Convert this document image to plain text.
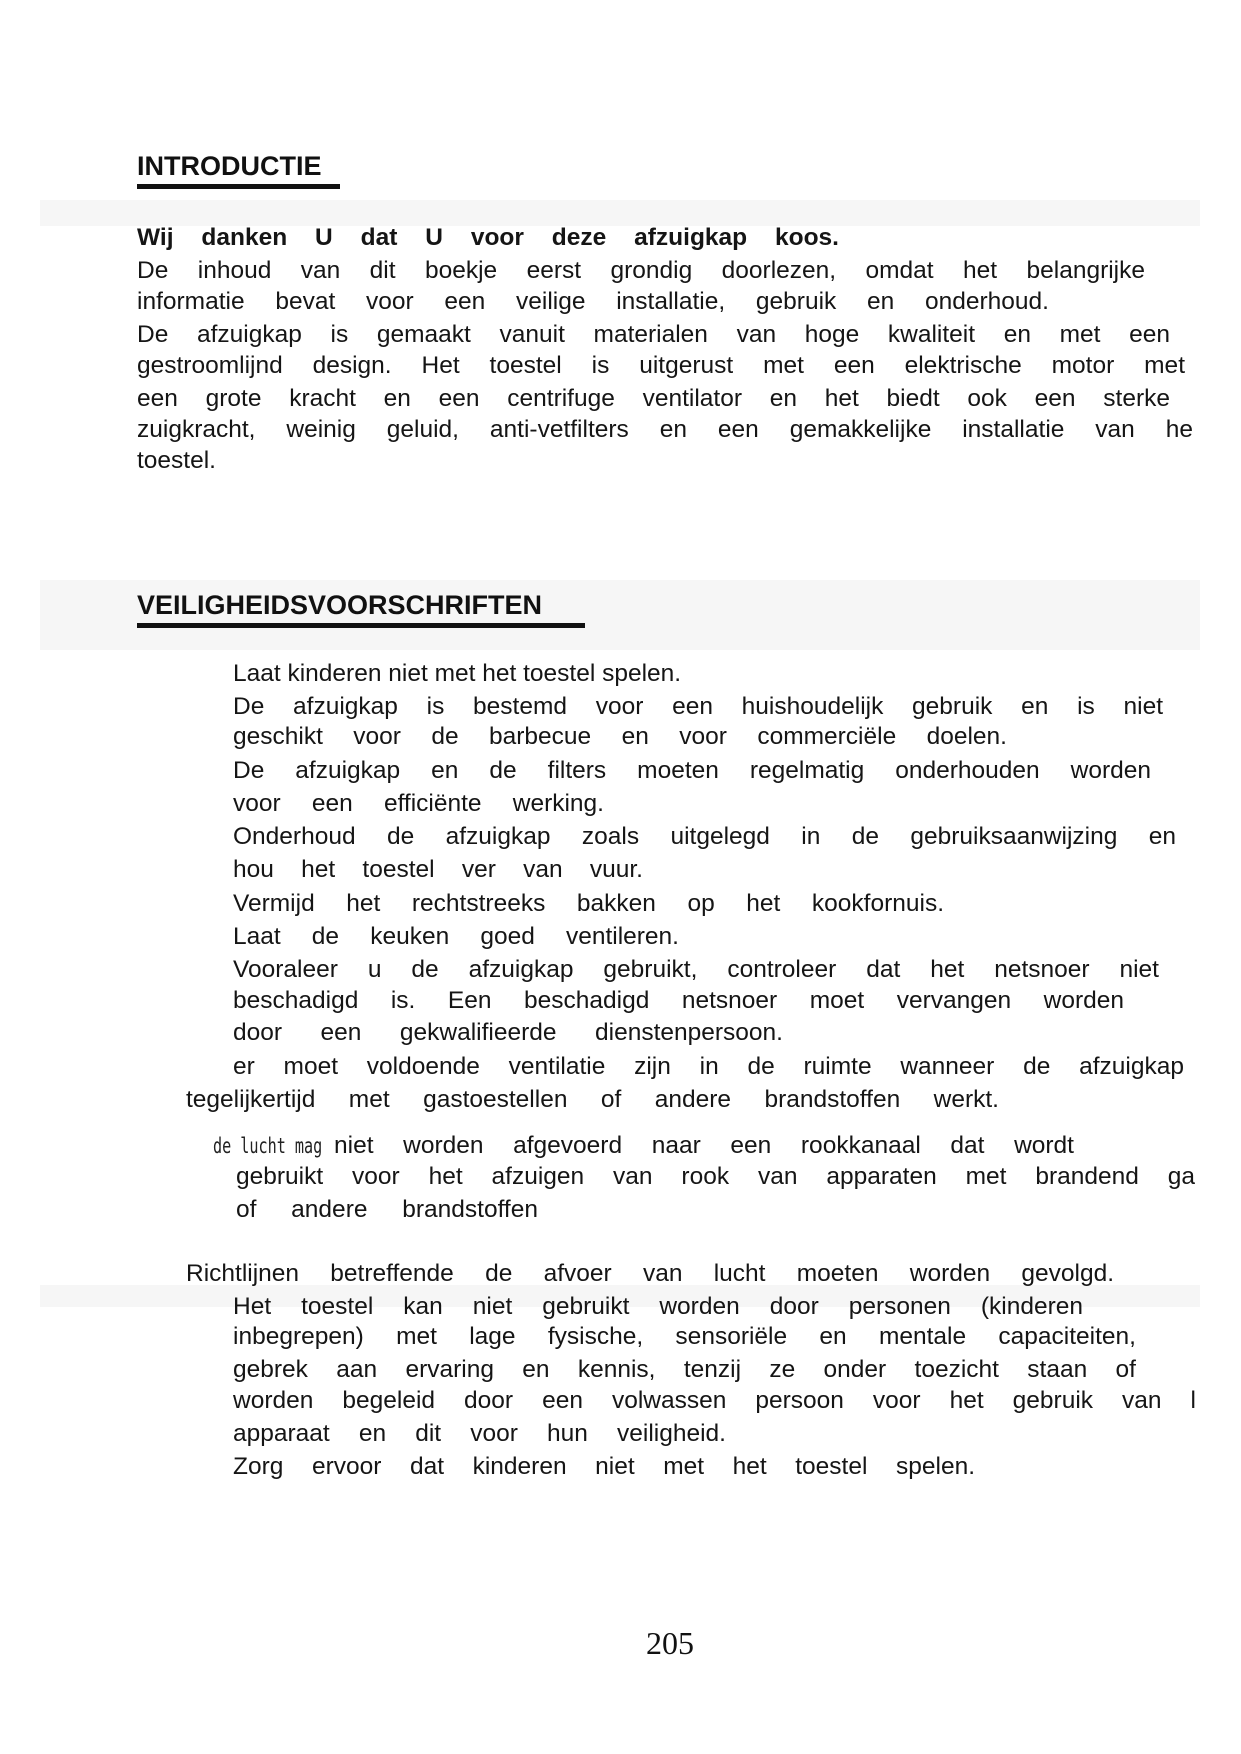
INTRODUCTIE

Wij danken U dat U voor deze afzuigkap koos.

De inhoud van dit boekje eerst grondig doorlezen, omdat het belangrijke

informatie bevat voor een veilige installatie, gebruik en onderhoud.

De afzuigkap is gemaakt vanuit materialen van hoge kwaliteit en met een

gestroomlijnd design. Het toestel is uitgerust met een elektrische motor met

een grote kracht en een centrifuge ventilator en het biedt ook een sterke

zuigkracht, weinig geluid, anti-vetfilters en een gemakkelijke installatie van he

toestel.

VEILIGHEIDSVOORSCHRIFTEN

Laat kinderen niet met het toestel spelen.

De afzuigkap is bestemd voor een huishoudelijk gebruik en is niet

geschikt voor de barbecue en voor commerciële doelen.

De afzuigkap en de filters moeten regelmatig onderhouden worden

voor een efficiënte werking.

Onderhoud de afzuigkap zoals uitgelegd in de gebruiksaanwijzing en

hou het toestel ver van vuur.

Vermijd het rechtstreeks bakken op het kookfornuis.

Laat de keuken goed ventileren.

Vooraleer u de afzuigkap gebruikt, controleer dat het netsnoer niet

beschadigd is. Een beschadigd netsnoer moet vervangen worden

door een gekwalifieerde dienstenpersoon.

er moet voldoende ventilatie zijn in de ruimte wanneer de afzuigkap

tegelijkertijd met gastoestellen of andere brandstoffen werkt.

de lucht mag niet worden afgevoerd naar een rookkanaal dat wordt

gebruikt voor het afzuigen van rook van apparaten met brandend ga

of andere brandstoffen

Richtlijnen betreffende de afvoer van lucht moeten worden gevolgd.

Het toestel kan niet gebruikt worden door personen (kinderen

inbegrepen) met lage fysische, sensoriële en mentale capaciteiten,

gebrek aan ervaring en kennis, tenzij ze onder toezicht staan of

worden begeleid door een volwassen persoon voor het gebruik van l

apparaat en dit voor hun veiligheid.

Zorg ervoor dat kinderen niet met het toestel spelen.

205
